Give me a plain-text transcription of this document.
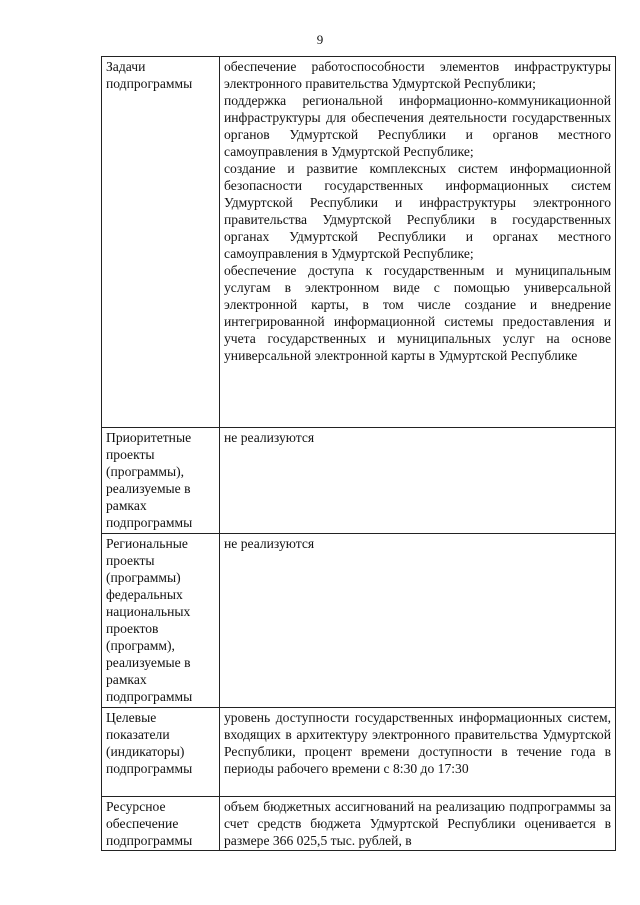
9
Задачи подпрограммы	обеспечение работоспособности элементов инфраструктуры электронного правительства Удмуртской Республики;
поддержка региональной информационно-коммуникационной инфраструктуры для обеспечения деятельности государственных органов Удмуртской Республики и органов местного самоуправления в Удмуртской Республике;
создание и развитие комплексных систем информационной безопасности государственных информационных систем Удмуртской Республики и инфраструктуры электронного правительства Удмуртской Республики в государственных органах Удмуртской Республики и органах местного самоуправления в Удмуртской Республике;
обеспечение доступа к государственным и муниципальным услугам в электронном виде с помощью универсальной электронной карты, в том числе создание и внедрение интегрированной информационной системы предоставления и учета государственных и муниципальных услуг на основе универсальной электронной карты в Удмуртской Республике

Приоритетные проекты (программы), реализуемые в рамках подпрограммы	не реализуются

Региональные проекты (программы) федеральных национальных проектов (программ), реализуемые в рамках подпрограммы	не реализуются

Целевые показатели (индикаторы) подпрограммы	уровень доступности государственных информационных систем, входящих в архитектуру электронного правительства Удмуртской Республики, процент времени доступности в течение года в периоды рабочего времени с 8:30 до 17:30

Ресурсное обеспечение подпрограммы	объем бюджетных ассигнований на реализацию подпрограммы за счет средств бюджета Удмуртской Республики оценивается в размере 366 025,5 тыс. рублей, в
